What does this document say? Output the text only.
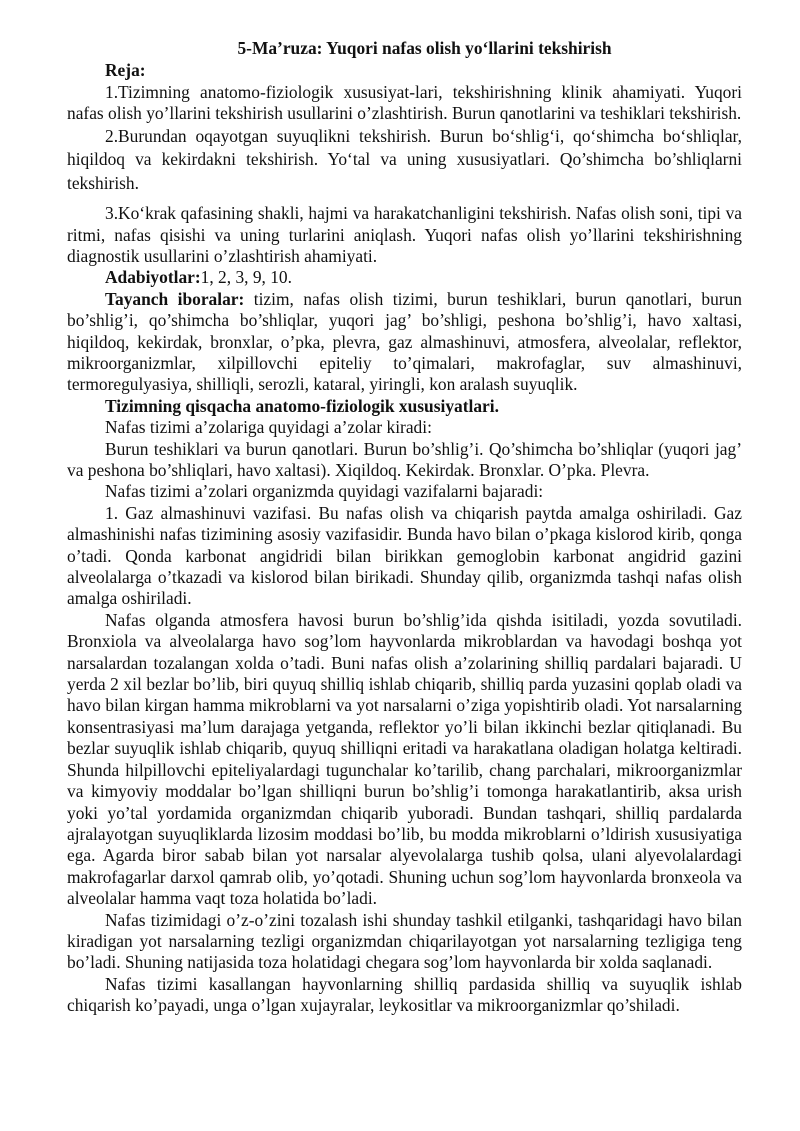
5-Ma’ruza: Yuqori nafas olish yo‘llarini tekshirish

Reja:

1.Tizimning anatomo-fiziologik xususiyat-lari, tekshirishning klinik ahamiyati. Yuqori nafas olish yo’llarini tekshirish usullarini o’zlashtirish. Burun qanotlarini va teshiklari tekshirish.

2.Burundan oqayotgan suyuqlikni tekshirish. Burun bo‘shlig‘i, qo‘shimcha bo‘shliqlar, hiqildoq va kekirdakni tekshirish. Yo‘tal va uning xususiyatlari. Qo’shimcha bo’shliqlarni tekshirish.

3.Ko‘krak qafasining shakli, hajmi va harakatchanligini tekshirish. Nafas olish soni, tipi va ritmi, nafas qisishi va uning turlarini aniqlash. Yuqori nafas olish yo’llarini tekshirishning diagnostik usullarini o’zlashtirish ahamiyati.

Adabiyotlar:1, 2, 3, 9, 10.

Tayanch iboralar: tizim, nafas olish tizimi, burun teshiklari, burun qanotlari, burun bo’shlig’i, qo’shimcha bo’shliqlar, yuqori jag’ bo’shligi, peshona bo’shlig’i, havo xaltasi, hiqildoq, kekirdak, bronxlar, o’pka, plevra, gaz almashinuvi, atmosfera, alveolalar, reflektor, mikroorganizmlar, xilpillovchi epiteliy to’qimalari, makrofaglar, suv almashinuvi, termoregulyasiya, shilliqli, serozli, kataral, yiringli, kon aralash suyuqlik.

Tizimning qisqacha anatomo-fiziologik xususiyatlari.

Nafas tizimi a’zolariga quyidagi a’zolar kiradi:

Burun teshiklari va burun qanotlari. Burun bo’shlig’i. Qo’shimcha bo’shliqlar (yuqori jag’ va peshona bo’shliqlari, havo xaltasi). Xiqildoq. Kekirdak. Bronxlar. O’pka. Plevra.

Nafas tizimi a’zolari organizmda quyidagi vazifalarni bajaradi:

1. Gaz almashinuvi vazifasi. Bu nafas olish va chiqarish paytda amalga oshiriladi. Gaz almashinishi nafas tizimining asosiy vazifasidir. Bunda havo bilan o’pkaga kislorod kirib, qonga o’tadi. Qonda karbonat angidridi bilan birikkan gemoglobin karbonat angidrid gazini alveolalarga o’tkazadi va kislorod bilan birikadi. Shunday qilib, organizmda tashqi nafas olish amalga oshiriladi.

Nafas olganda atmosfera havosi burun bo’shlig’ida qishda isitiladi, yozda sovutiladi. Bronxiola va alveolalarga havo sog’lom hayvonlarda mikroblardan va havodagi boshqa yot narsalardan tozalangan xolda o’tadi. Buni nafas olish a’zolarining shilliq pardalari bajaradi. U yerda 2 xil bezlar bo’lib, biri quyuq shilliq ishlab chiqarib, shilliq parda yuzasini qoplab oladi va havo bilan kirgan hamma mikroblarni va yot narsalarni o’ziga yopishtirib oladi. Yot narsalarning konsentrasiyasi ma’lum darajaga yetganda, reflektor yo’li bilan ikkinchi bezlar qitiqlanadi. Bu bezlar suyuqlik ishlab chiqarib, quyuq shilliqni eritadi va harakatlana oladigan holatga keltiradi. Shunda hilpillovchi epiteliyalardagi tugunchalar ko’tarilib, chang parchalari, mikroorganizmlar va kimyoviy moddalar bo’lgan shilliqni burun bo’shlig’i tomonga harakatlantirib, aksa urish yoki yo’tal yordamida organizmdan chiqarib yuboradi. Bundan tashqari, shilliq pardalarda ajralayotgan suyuqliklarda lizosim moddasi bo’lib, bu modda mikroblarni o’ldirish xususiyatiga ega. Agarda biror sabab bilan yot narsalar alyevolalarga tushib qolsa, ulani alyevolalardagi makrofagarlar darxol qamrab olib, yo’qotadi. Shuning uchun sog’lom hayvonlarda bronxeola va alveolalar hamma vaqt toza holatida bo’ladi.

Nafas tizimidagi o’z-o’zini tozalash ishi shunday tashkil etilganki, tashqaridagi havo bilan kiradigan yot narsalarning tezligi organizmdan chiqarilayotgan yot narsalarning tezligiga teng bo’ladi. Shuning natijasida toza holatidagi chegara sog’lom hayvonlarda bir xolda saqlanadi.

Nafas tizimi kasallangan hayvonlarning shilliq pardasida shilliq va suyuqlik ishlab chiqarish ko’payadi, unga o’lgan xujayralar, leykositlar va mikroorganizmlar qo’shiladi.
